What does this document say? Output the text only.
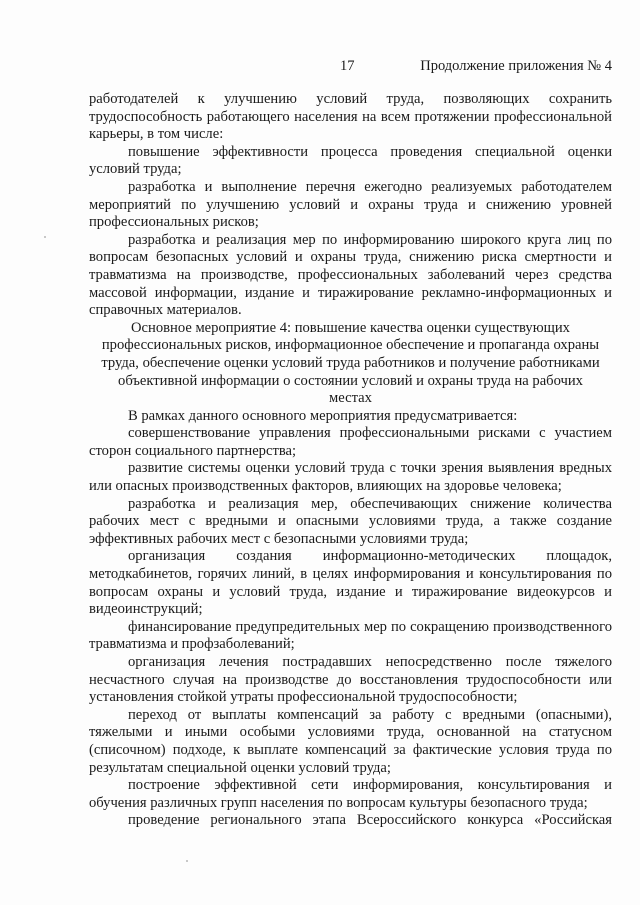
17	Продолжение приложения № 4

работодателей к улучшению условий труда, позволяющих сохранить трудоспособность работающего населения на всем протяжении профессиональной карьеры, в том числе:

повышение эффективности процесса проведения специальной оценки условий труда;

разработка и выполнение перечня ежегодно реализуемых работодателем мероприятий по улучшению условий и охраны труда и снижению уровней профессиональных рисков;

разработка и реализация мер по информированию широкого круга лиц по вопросам безопасных условий и охраны труда, снижению риска смертности и травматизма на производстве, профессиональных заболеваний через средства массовой информации, издание и тиражирование рекламно-информационных и справочных материалов.

Основное мероприятие 4: повышение качества оценки существующих профессиональных рисков, информационное обеспечение и пропаганда охраны труда, обеспечение оценки условий труда работников и получение работниками объективной информации о состоянии условий и охраны труда на рабочих местах

В рамках данного основного мероприятия предусматривается:

совершенствование управления профессиональными рисками с участием сторон социального партнерства;

развитие системы оценки условий труда с точки зрения выявления вредных или опасных производственных факторов, влияющих на здоровье человека;

разработка и реализация мер, обеспечивающих снижение количества рабочих мест с вредными и опасными условиями труда, а также создание эффективных рабочих мест с безопасными условиями труда;

организация создания информационно-методических площадок, методкабинетов, горячих линий, в целях информирования и консультирования по вопросам охраны и условий труда, издание и тиражирование видеокурсов и видеоинструкций;

финансирование предупредительных мер по сокращению производственного травматизма и профзаболеваний;

организация лечения пострадавших непосредственно после тяжелого несчастного случая на производстве до восстановления трудоспособности или установления стойкой утраты профессиональной трудоспособности;

переход от выплаты компенсаций за работу с вредными (опасными), тяжелыми и иными особыми условиями труда, основанной на статусном (списочном) подходе, к выплате компенсаций за фактические условия труда по результатам специальной оценки условий труда;

построение эффективной сети информирования, консультирования и обучения различных групп населения по вопросам культуры безопасного труда;

проведение регионального этапа Всероссийского конкурса «Российская
